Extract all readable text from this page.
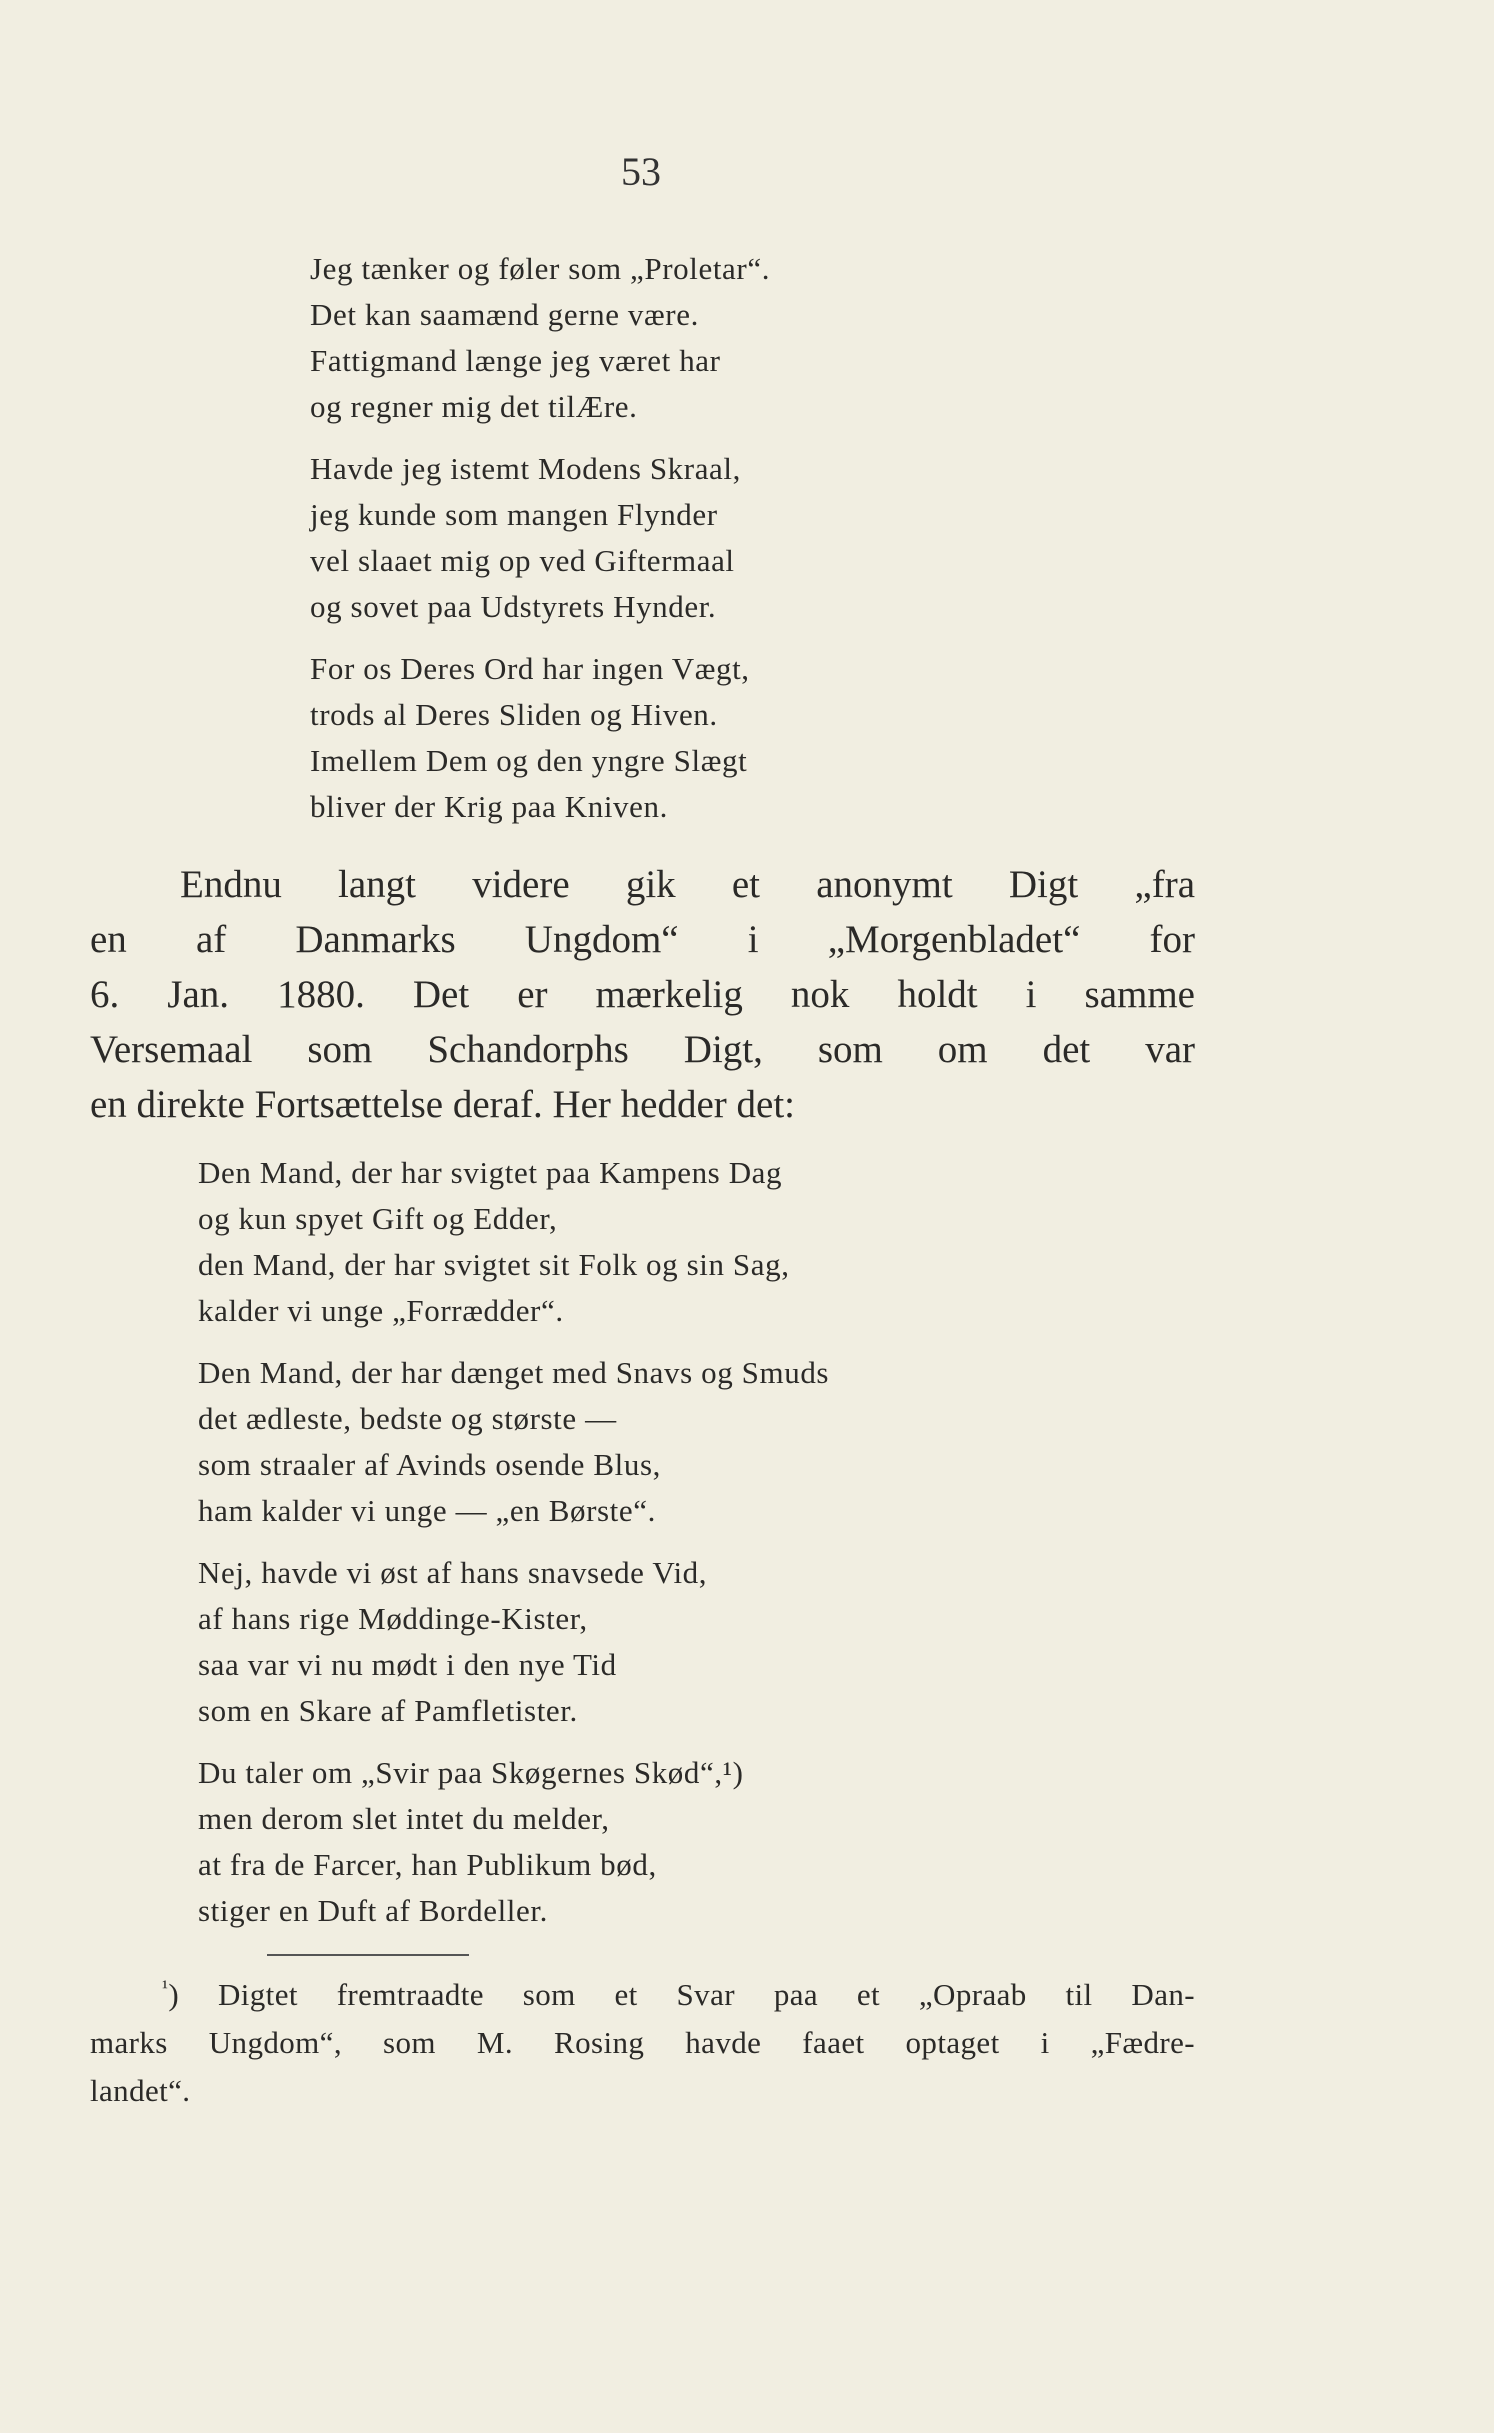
53
Jeg tænker og føler som „Proletar“.
Det kan saamænd gerne være.
Fattigmand længe jeg været har
og regner mig det tilÆre.
Havde jeg istemt Modens Skraal,
jeg kunde som mangen Flynder
vel slaaet mig op ved Giftermaal
og sovet paa Udstyrets Hynder.
For os Deres Ord har ingen Vægt,
trods al Deres Sliden og Hiven.
Imellem Dem og den yngre Slægt
bliver der Krig paa Kniven.
Endnu langt videre gik et anonymt Digt „fra
en af Danmarks Ungdom“ i „Morgenbladet“ for
6. Jan. 1880. Det er mærkelig nok holdt i samme
Versemaal som Schandorphs Digt, som om det var
en direkte Fortsættelse deraf. Her hedder det:
Den Mand, der har svigtet paa Kampens Dag
og kun spyet Gift og Edder,
den Mand, der har svigtet sit Folk og sin Sag,
kalder vi unge „Forrædder“.
Den Mand, der har dænget med Snavs og Smuds
det ædleste, bedste og største —
som straaler af Avinds osende Blus,
ham kalder vi unge — „en Børste“.
Nej, havde vi øst af hans snavsede Vid,
af hans rige Møddinge-Kister,
saa var vi nu mødt i den nye Tid
som en Skare af Pamfletister.
Du taler om „Svir paa Skøgernes Skød“,¹)
men derom slet intet du melder,
at fra de Farcer, han Publikum bød,
stiger en Duft af Bordeller.
$^{^1}$) Digtet fremtraadte som et Svar paa et „Opraab til Dan-
marks Ungdom“, som M. Rosing havde faaet optaget i „Fædre-
landet“.
